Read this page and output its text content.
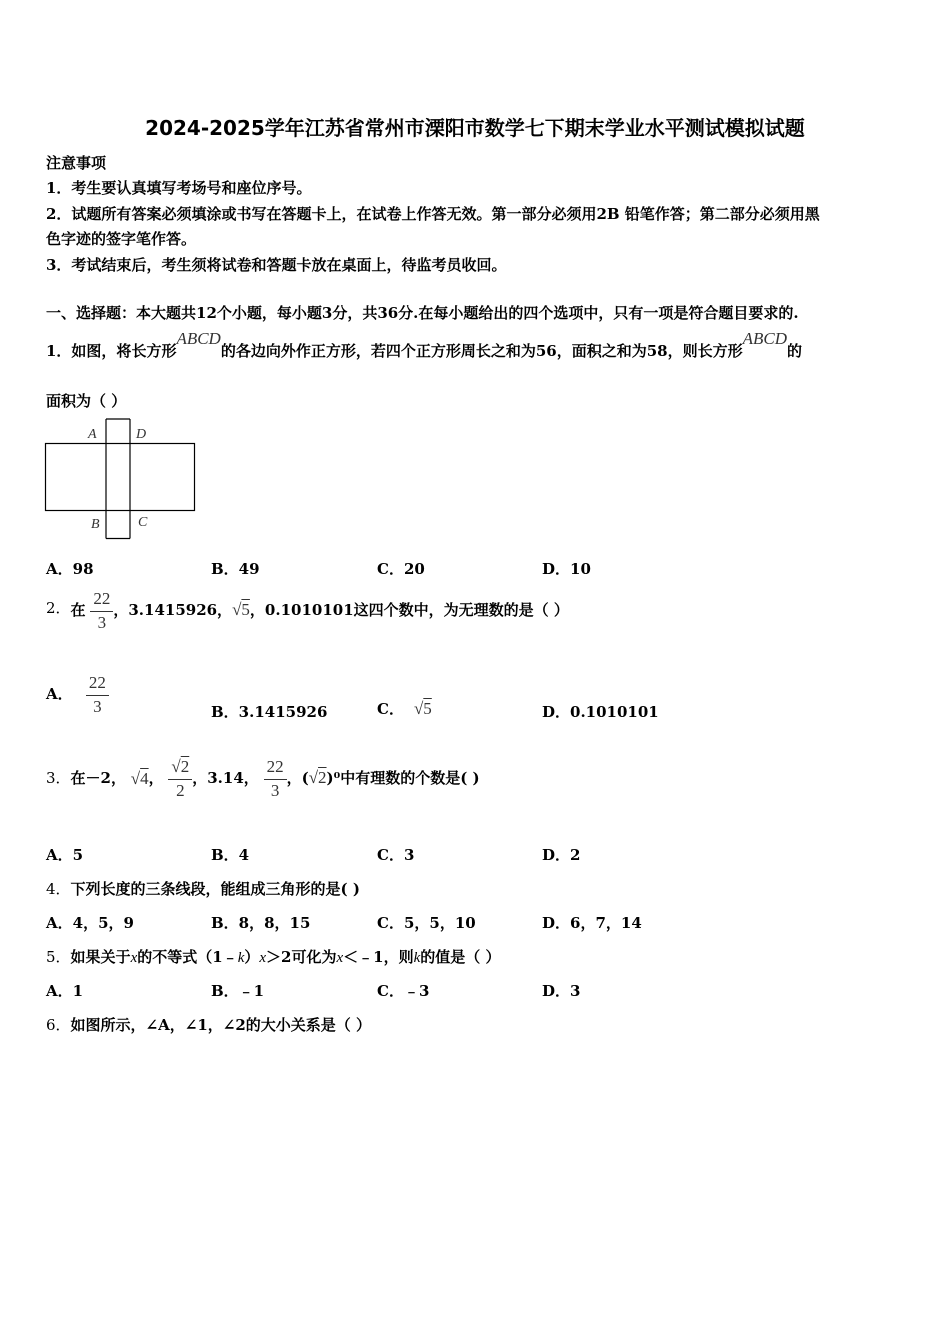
2024-2025学年江苏省常州市溧阳市数学七下期末学业水平测试模拟试题
注意事项
1．考生要认真填写考场号和座位序号。
2．试题所有答案必须填涂或书写在答题卡上，在试卷上作答无效。第一部分必须用2B 铅笔作答；第二部分必须用黑
色字迹的签字笔作答。
3．考试结束后，考生须将试卷和答题卡放在桌面上，待监考员收回。
一、选择题：本大题共12个小题，每小题3分，共36分.在每小题给出的四个选项中，只有一项是符合题目要求的.
1．如图，将长方形ABCD的各边向外作正方形，若四个正方形周长之和为56，面积之和为58，则长方形ABCD的
面积为（ ）
A	D
B	C
A．98	B．49	C．20	D．10
2．在 $\frac{22}{3}$ ，3.1415926，√5，0.1010101这四个数中，为无理数的是（ ）
A． $\frac{22}{3}$	B．3.1415926	C． √5	D．0.1010101
3．在－2， √4， $\frac{√2}{2}$ ，3.14， $\frac{22}{3}$ ，(√2)⁰中有理数的个数是( )
A．5	B．4	C．3	D．2
4．下列长度的三条线段，能组成三角形的是( )
A．4，5，9	B．8，8，15	C．5，5，10	D．6，7，14
5．如果关于x的不等式（1﹣k）x＞2可化为x＜﹣1，则k的值是（ ）
A．1	B．﹣1	C．﹣3	D．3
6．如图所示，∠A，∠1，∠2的大小关系是（ ）
